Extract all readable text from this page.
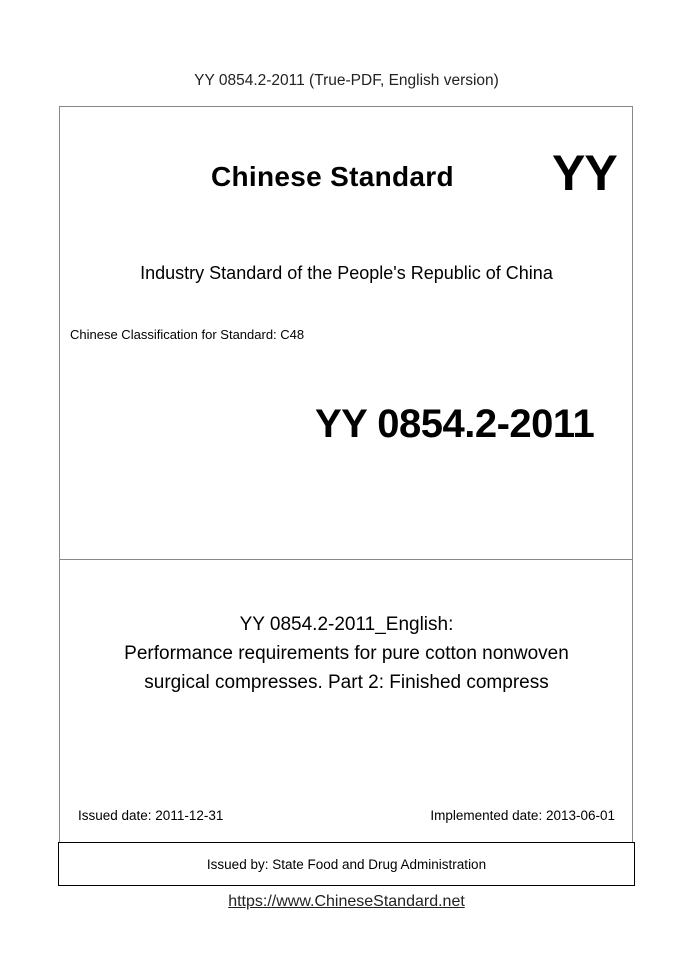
YY 0854.2-2011 (True-PDF, English version)
Chinese Standard YY
Industry Standard of the People's Republic of China
Chinese Classification for Standard: C48
YY 0854.2-2011
YY 0854.2-2011_English:
Performance requirements for pure cotton nonwoven
surgical compresses. Part 2: Finished compress
Issued date: 2011-12-31	Implemented date: 2013-06-01
Issued by: State Food and Drug Administration
https://www.ChineseStandard.net
